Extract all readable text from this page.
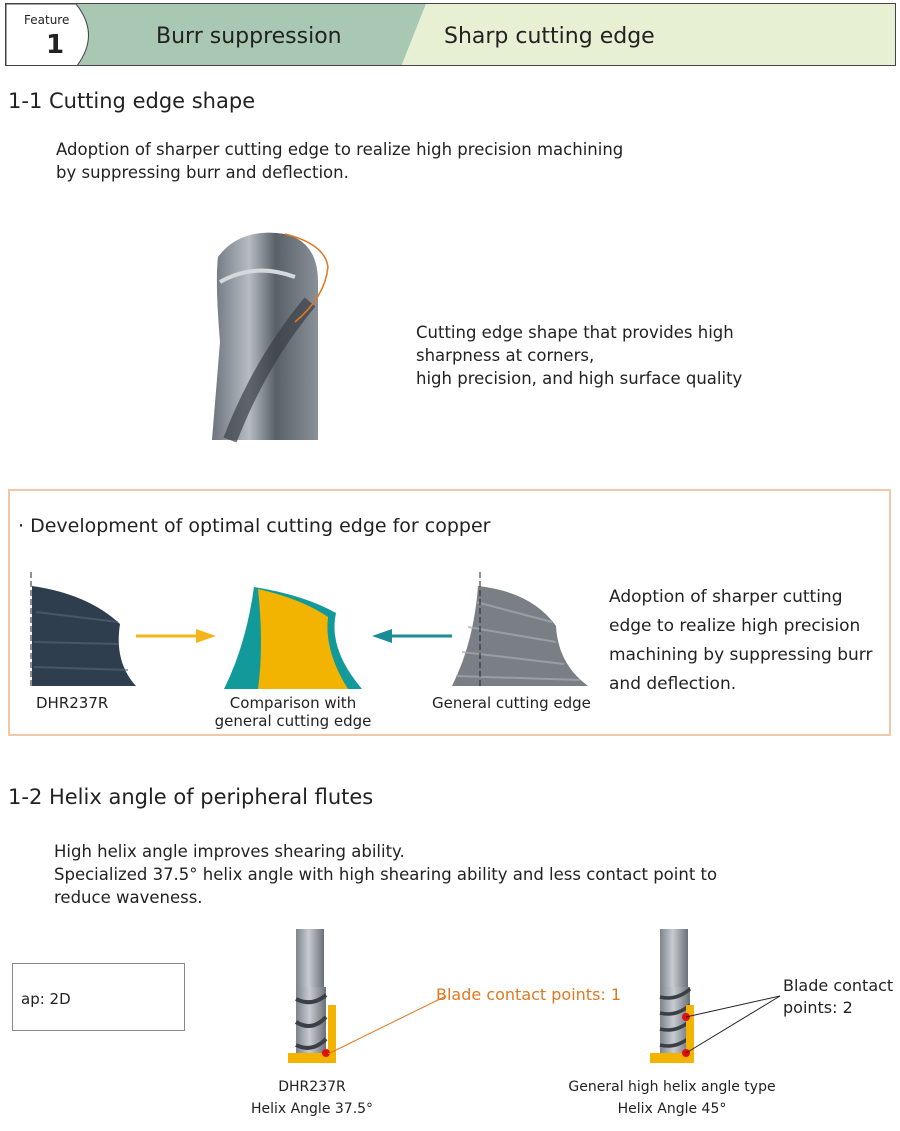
Feature
1	Burr suppression	Sharp cutting edge
1-1 Cutting edge shape
Adoption of sharper cutting edge to realize high precision machining
by suppressing burr and deflection.
Cutting edge shape that provides high
sharpness at corners,
high precision, and high surface quality
· Development of optimal cutting edge for copper
DHR237R	Comparison with
general cutting edge
General cutting edge
Adoption of sharper cutting
edge to realize high precision
machining by suppressing burr
and deflection.
1-2 Helix angle of peripheral flutes
High helix angle improves shearing ability.
Specialized 37.5° helix angle with high shearing ability and less contact point to
reduce waveness.
ap: 2D	Blade contact points: 1
DHR237R
Helix Angle 37.5°
Blade contact
points: 2
General high helix angle type
Helix Angle 45°
